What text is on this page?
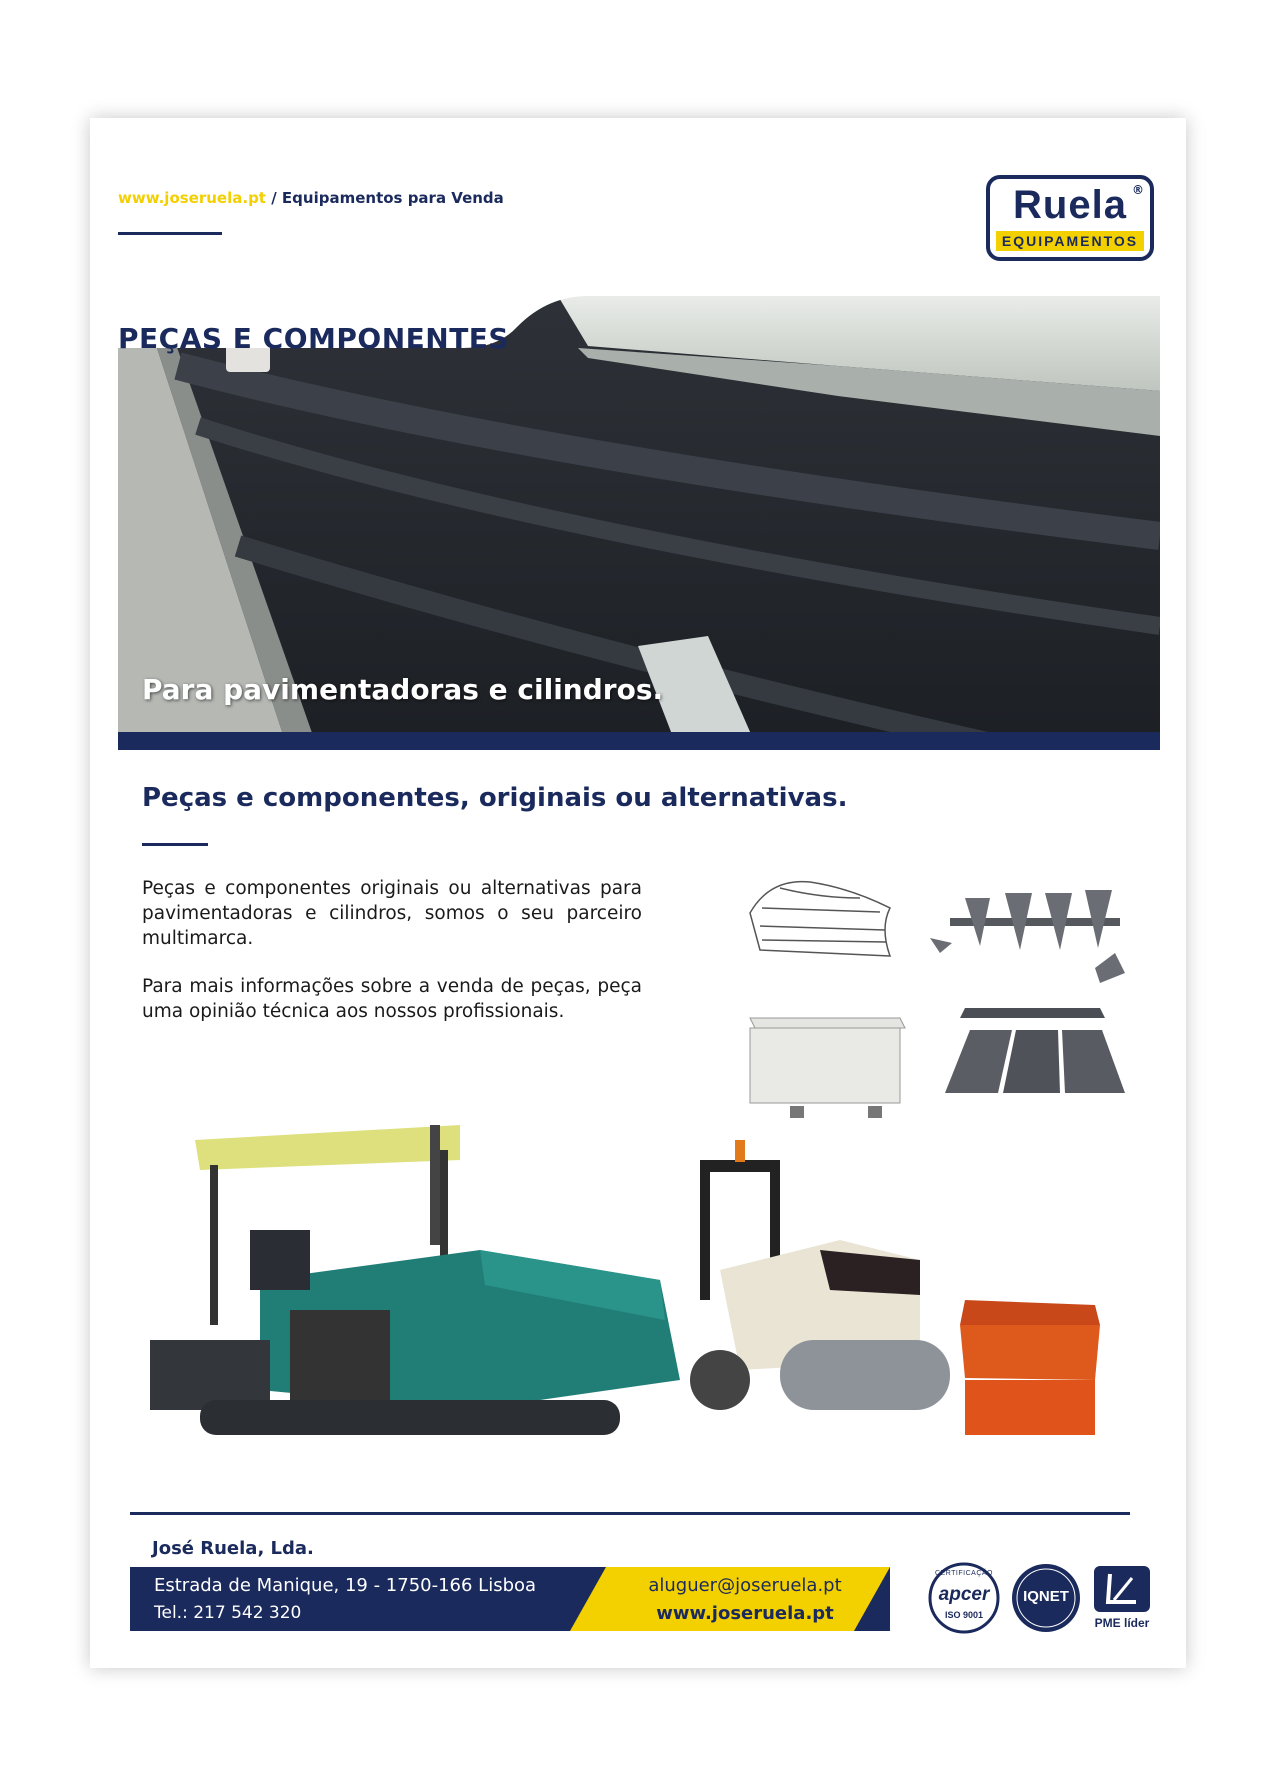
www.joseruela.pt / Equipamentos para Venda	Ruela ®
EQUIPAMENTOS
PEÇAS E COMPONENTES
Para pavimentadoras e cilindros.
Peças e componentes, originais ou alternativas.
Peças e componentes originais ou alternativas para pavimentadoras e cilindros, somos o seu parceiro multimarca.
Para mais informações sobre a venda de peças, peça uma opinião técnica aos nossos profissionais.
José Ruela, Lda.
Estrada de Manique, 19 - 1750-166 Lisboa
Tel.: 217 542 320
aluguer@joseruela.pt
www.joseruela.pt
CERTIFICAÇÃO
apcer
ISO 9001
IQNET
PME líder
